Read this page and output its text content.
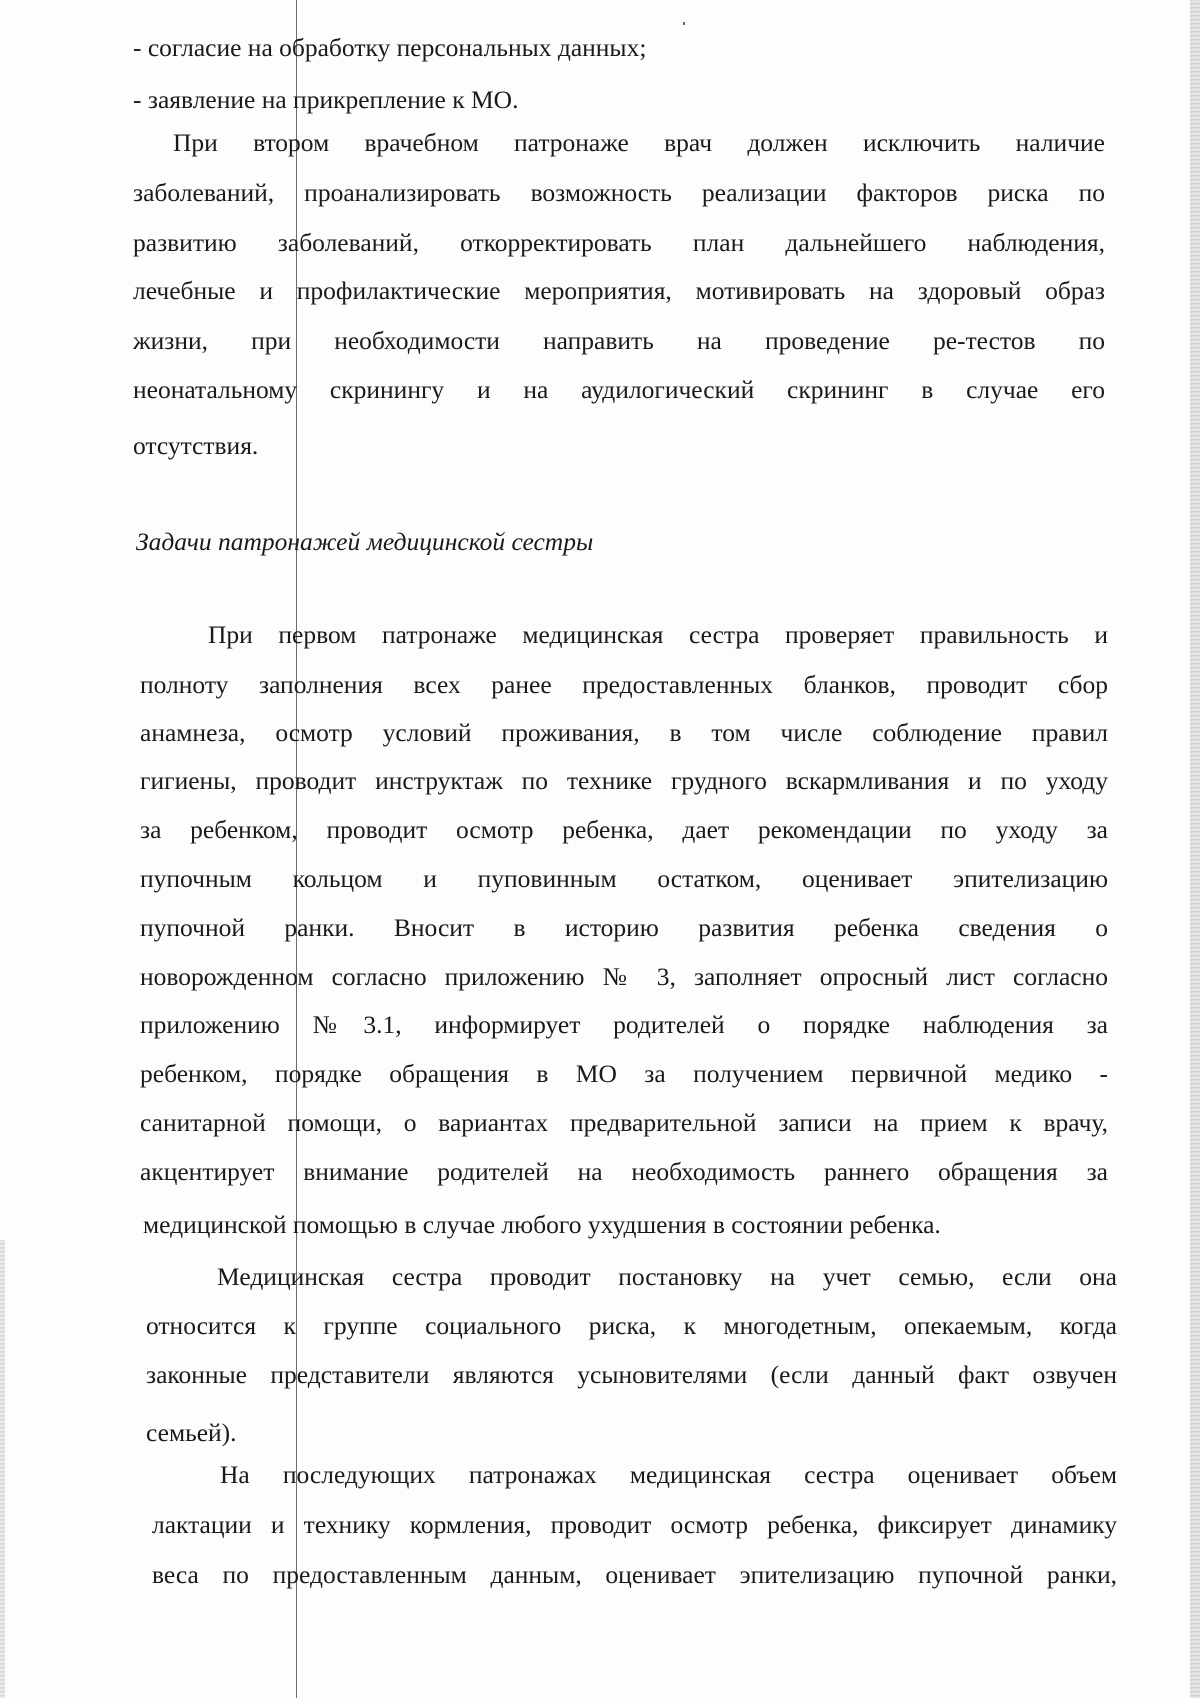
- согласие на обработку персональных данных;
- заявление на прикрепление к МО.
При втором врачебном патронаже врач должен исключить наличие
заболеваний, проанализировать возможность реализации факторов риска по
развитию заболеваний, откорректировать план дальнейшего наблюдения,
лечебные и профилактические мероприятия, мотивировать на здоровый образ
жизни, при необходимости направить на проведение ре-тестов по
неонатальному скринингу и на аудилогический скрининг в случае его
отсутствия.
Задачи патронажей медицинской сестры
При первом патронаже медицинская сестра проверяет правильность и
полноту заполнения всех ранее предоставленных бланков, проводит сбор
анамнеза, осмотр условий проживания, в том числе соблюдение правил
гигиены, проводит инструктаж по технике грудного вскармливания и по уходу
за ребенком, проводит осмотр ребенка, дает рекомендации по уходу за
пупочным кольцом и пуповинным остатком, оценивает эпителизацию
пупочной ранки. Вносит в историю развития ребенка сведения о
новорожденном согласно приложению № 3, заполняет опросный лист согласно
приложению №3.1, информирует родителей о порядке наблюдения за
ребенком, порядке обращения в МО за получением первичной медико -
санитарной помощи, о вариантах предварительной записи на прием к врачу,
акцентирует внимание родителей на необходимость раннего обращения за
медицинской помощью в случае любого ухудшения в состоянии ребенка.
Медицинская сестра проводит постановку на учет семью, если она
относится к группе социального риска, к многодетным, опекаемым, когда
законные представители являются усыновителями (если данный факт озвучен
семьей).
На последующих патронажах медицинская сестра оценивает объем
лактации и технику кормления, проводит осмотр ребенка, фиксирует динамику
веса по предоставленным данным, оценивает эпителизацию пупочной ранки,
